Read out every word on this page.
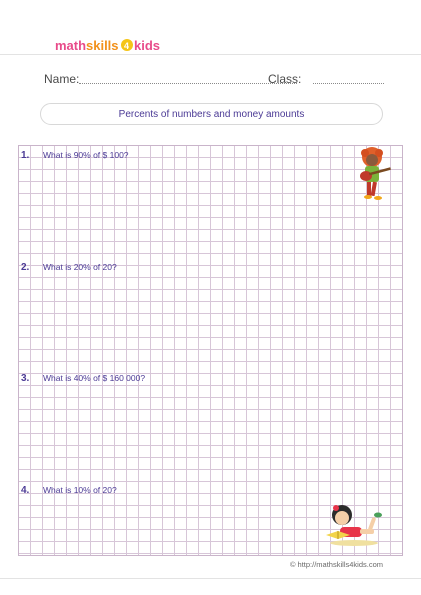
math skills 4 kids
Name:	Class:
Percents of numbers and money amounts
1.	What is 90% of $ 100?
2.	What is 20% of 20?
3.	What is 40% of $ 160 000?
4.	What is 10% of 20?
© http://mathskills4kids.com
